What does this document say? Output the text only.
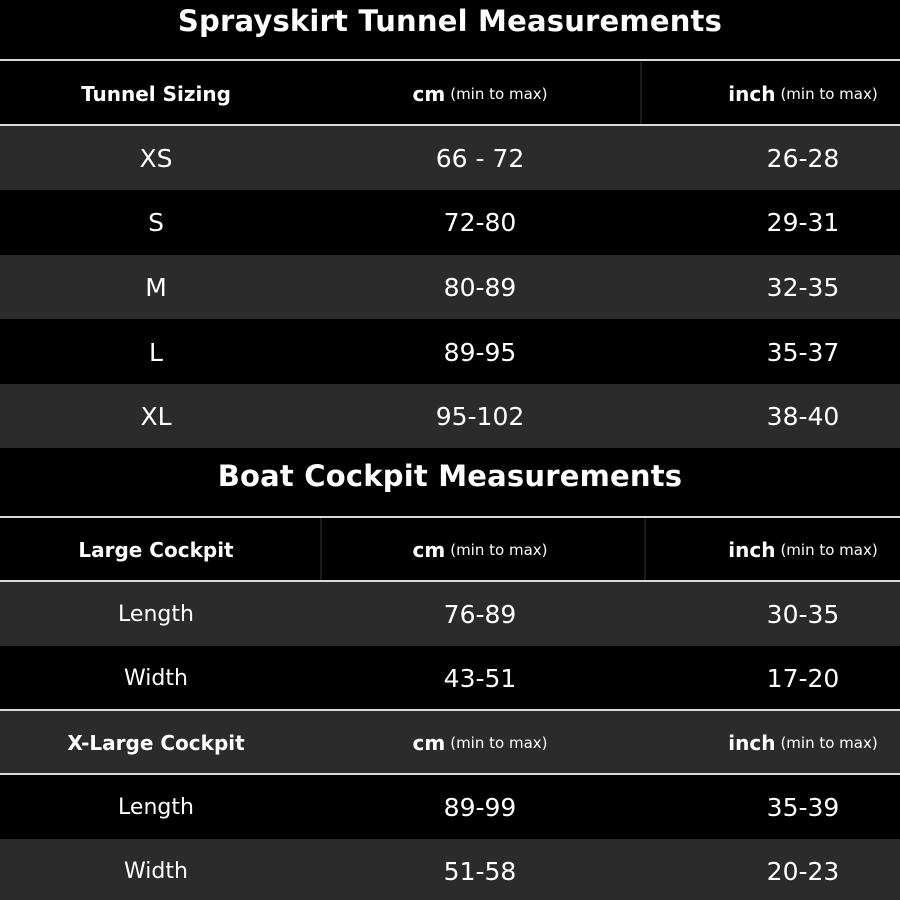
Sprayskirt Tunnel Measurements
Tunnel Sizing	cm (min to max)	inch (min to max)
XS	66 - 72	26-28
S	72-80	29-31
M	80-89	32-35
L	89-95	35-37
XL	95-102	38-40
Boat Cockpit Measurements
Large Cockpit	cm (min to max)	inch (min to max)
Length	76-89	30-35
Width	43-51	17-20
X-Large Cockpit	cm (min to max)	inch (min to max)
Length	89-99	35-39
Width	51-58	20-23
